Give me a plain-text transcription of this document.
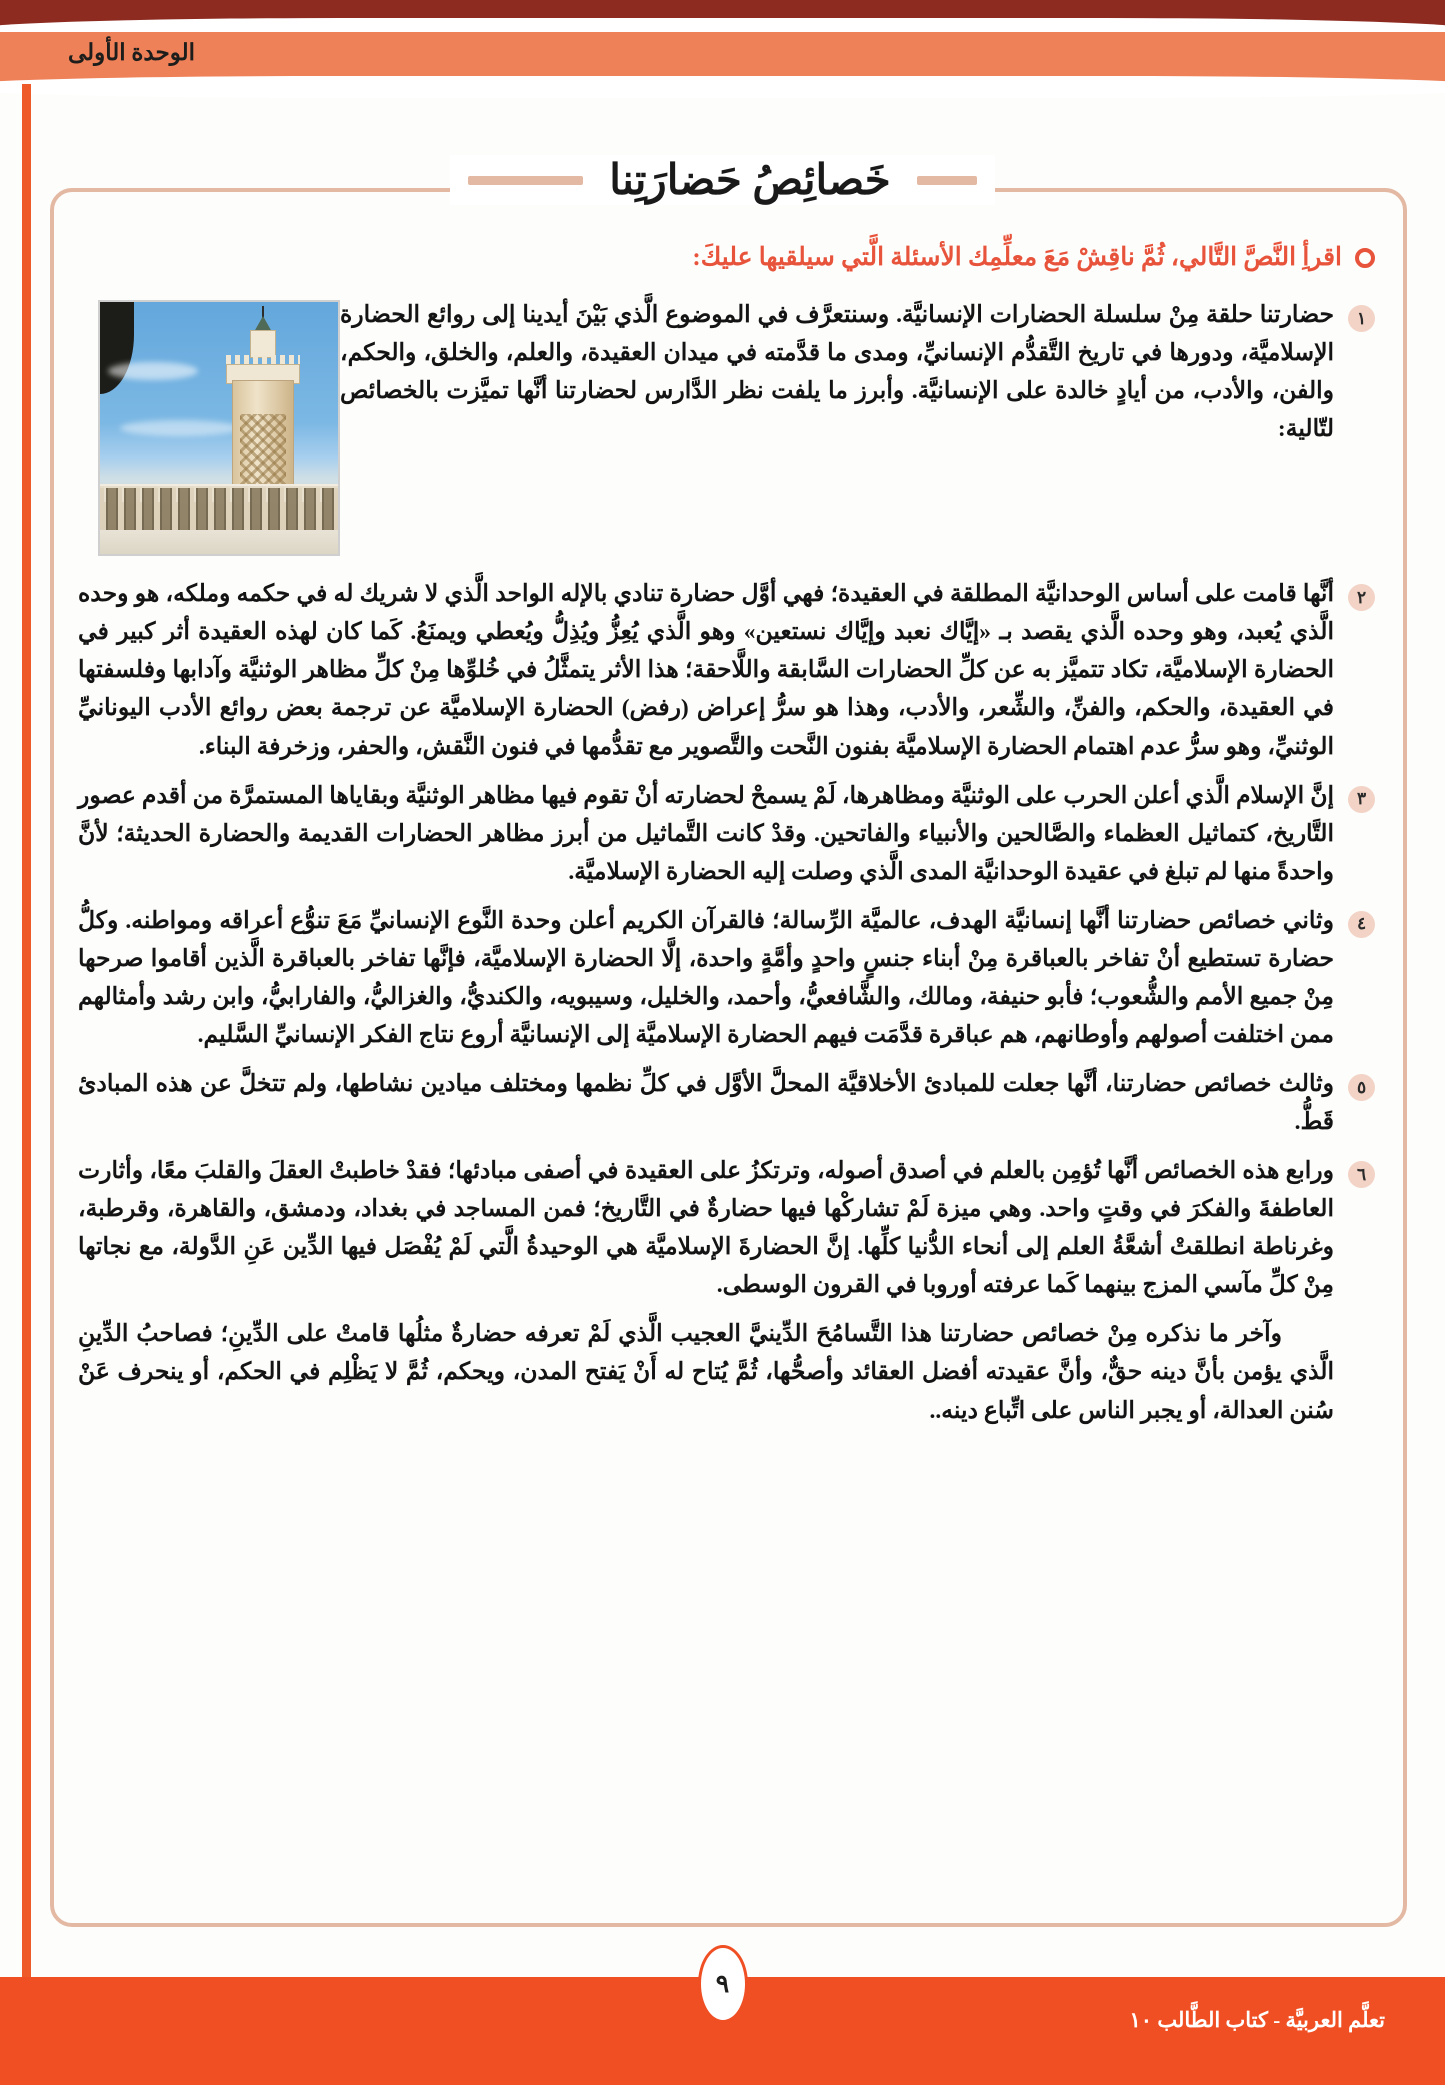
الوحدة الأولى
خَصائِصُ حَضارَتِنا
اقرأِ النَّصَّ التَّالي، ثُمَّ ناقِشْ مَعَ معلِّمِك الأسئلة الَّتي سيلقيها عليكَ:
١
حضارتنا حلقة مِنْ سلسلة الحضارات الإنسانيَّة. وسنتعرَّف في الموضوع الَّذي بَيْنَ أيدينا إلى روائع الحضارة الإسلاميَّة، ودورها في تاريخ التَّقدُّم الإنسانيِّ، ومدى ما قدَّمته في ميدان العقيدة، والعلم، والخلق، والحكم، والفن، والأدب، من أيادٍ خالدة على الإنسانيَّة. وأبرز ما يلفت نظر الدَّارس لحضارتنا أنَّها تميَّزت بالخصائص لتّالية:
٢
أنَّها قامت على أساس الوحدانيَّة المطلقة في العقيدة؛ فهي أوَّل حضارة تنادي بالإله الواحد الَّذي لا شريك له في حكمه وملكه، هو وحده الَّذي يُعبد، وهو وحده الَّذي يقصد بـ «إيَّاك نعبد وإيَّاك نستعين» وهو الَّذي يُعِزُّ ويُذِلُّ ويُعطي ويمنَعُ. كَما كان لهذه العقيدة أثر كبير في الحضارة الإسلاميَّة، تكاد تتميَّز به عن كلِّ الحضارات السَّابقة واللَّاحقة؛ هذا الأثر يتمثَّلُ في خُلوِّها مِنْ كلِّ مظاهر الوثنيَّة وآدابها وفلسفتها في العقيدة، والحكم، والفنِّ، والشِّعر، والأدب، وهذا هو سرُّ إعراض (رفض) الحضارة الإسلاميَّة عن ترجمة بعض روائع الأدب اليونانيِّ الوثنيِّ، وهو سرُّ عدم اهتمام الحضارة الإسلاميَّة بفنون النَّحت والتَّصوير مع تقدُّمها في فنون النَّقش، والحفر، وزخرفة البناء.
٣
إنَّ الإسلام الَّذي أعلن الحرب على الوثنيَّة ومظاهرها، لَمْ يسمحْ لحضارته أنْ تقوم فيها مظاهر الوثنيَّة وبقاياها المستمرَّة من أقدم عصور التَّاريخ، كتماثيل العظماء والصَّالحين والأنبياء والفاتحين. وقدْ كانت التَّماثيل من أبرز مظاهر الحضارات القديمة والحضارة الحديثة؛ لأنَّ واحدةً منها لم تبلغ في عقيدة الوحدانيَّة المدى الَّذي وصلت إليه الحضارة الإسلاميَّة.
٤
وثاني خصائص حضارتنا أنَّها إنسانيَّة الهدف، عالميَّة الرِّسالة؛ فالقرآن الكريم أعلن وحدة النَّوع الإنسانيِّ مَعَ تنوُّع أعراقه ومواطنه. وكلُّ حضارة تستطيع أنْ تفاخر بالعباقرة مِنْ أبناء جنسٍ واحدٍ وأمَّةٍ واحدة، إلَّا الحضارة الإسلاميَّة، فإنَّها تفاخر بالعباقرة الَّذين أقاموا صرحها مِنْ جميع الأمم والشُّعوب؛ فأبو حنيفة، ومالك، والشَّافعيُّ، وأحمد، والخليل، وسيبويه، والكنديُّ، والغزاليُّ، والفارابيُّ، وابن رشد وأمثالهم ممن اختلفت أصولهم وأوطانهم، هم عباقرة قدَّمَت فيهم الحضارة الإسلاميَّة إلى الإنسانيَّة أروع نتاج الفكر الإنسانيِّ السَّليم.
٥
وثالث خصائص حضارتنا، أنَّها جعلت للمبادئ الأخلاقيَّة المحلَّ الأوَّل في كلِّ نظمها ومختلف ميادين نشاطها، ولم تتخلَّ عن هذه المبادئ قَطُّ.
٦
ورابع هذه الخصائص أنَّها تُؤمِن بالعلم في أصدق أصوله، وترتكزُ على العقيدة في أصفى مبادئها؛ فقدْ خاطبتْ العقلَ والقلبَ معًا، وأثارت العاطفةَ والفكرَ في وقتٍ واحد. وهي ميزة لَمْ تشاركْها فيها حضارةٌ في التَّاريخ؛ فمن المساجد في بغداد، ودمشق، والقاهرة، وقرطبة، وغرناطة انطلقتْ أشعَّةُ العلم إلى أنحاء الدُّنيا كلِّها. إنَّ الحضارةَ الإسلاميَّة هي الوحيدةُ الَّتي لَمْ يُفْصَل فيها الدِّين عَنِ الدَّولة، مع نجاتها مِنْ كلِّ مآسي المزج بينهما كَما عرفته أوروبا في القرون الوسطى.
وآخر ما نذكره مِنْ خصائص حضارتنا هذا التَّسامُحَ الدِّينيَّ العجيب الَّذي لَمْ تعرفه حضارةٌ مثلُها قامتْ على الدِّينِ؛ فصاحبُ الدِّينِ الَّذي يؤمن بأنَّ دينه حقٌّ، وأنَّ عقيدته أفضل العقائد وأصحُّها، ثُمَّ يُتاح له أَنْ يَفتح المدن، ويحكم، ثُمَّ لا يَظْلِم في الحكم، أو ينحرف عَنْ سُنن العدالة، أو يجبر الناس على اتِّباع دينه..
تعلَّم العربيَّة - كتاب الطَّالب ١٠
٩
